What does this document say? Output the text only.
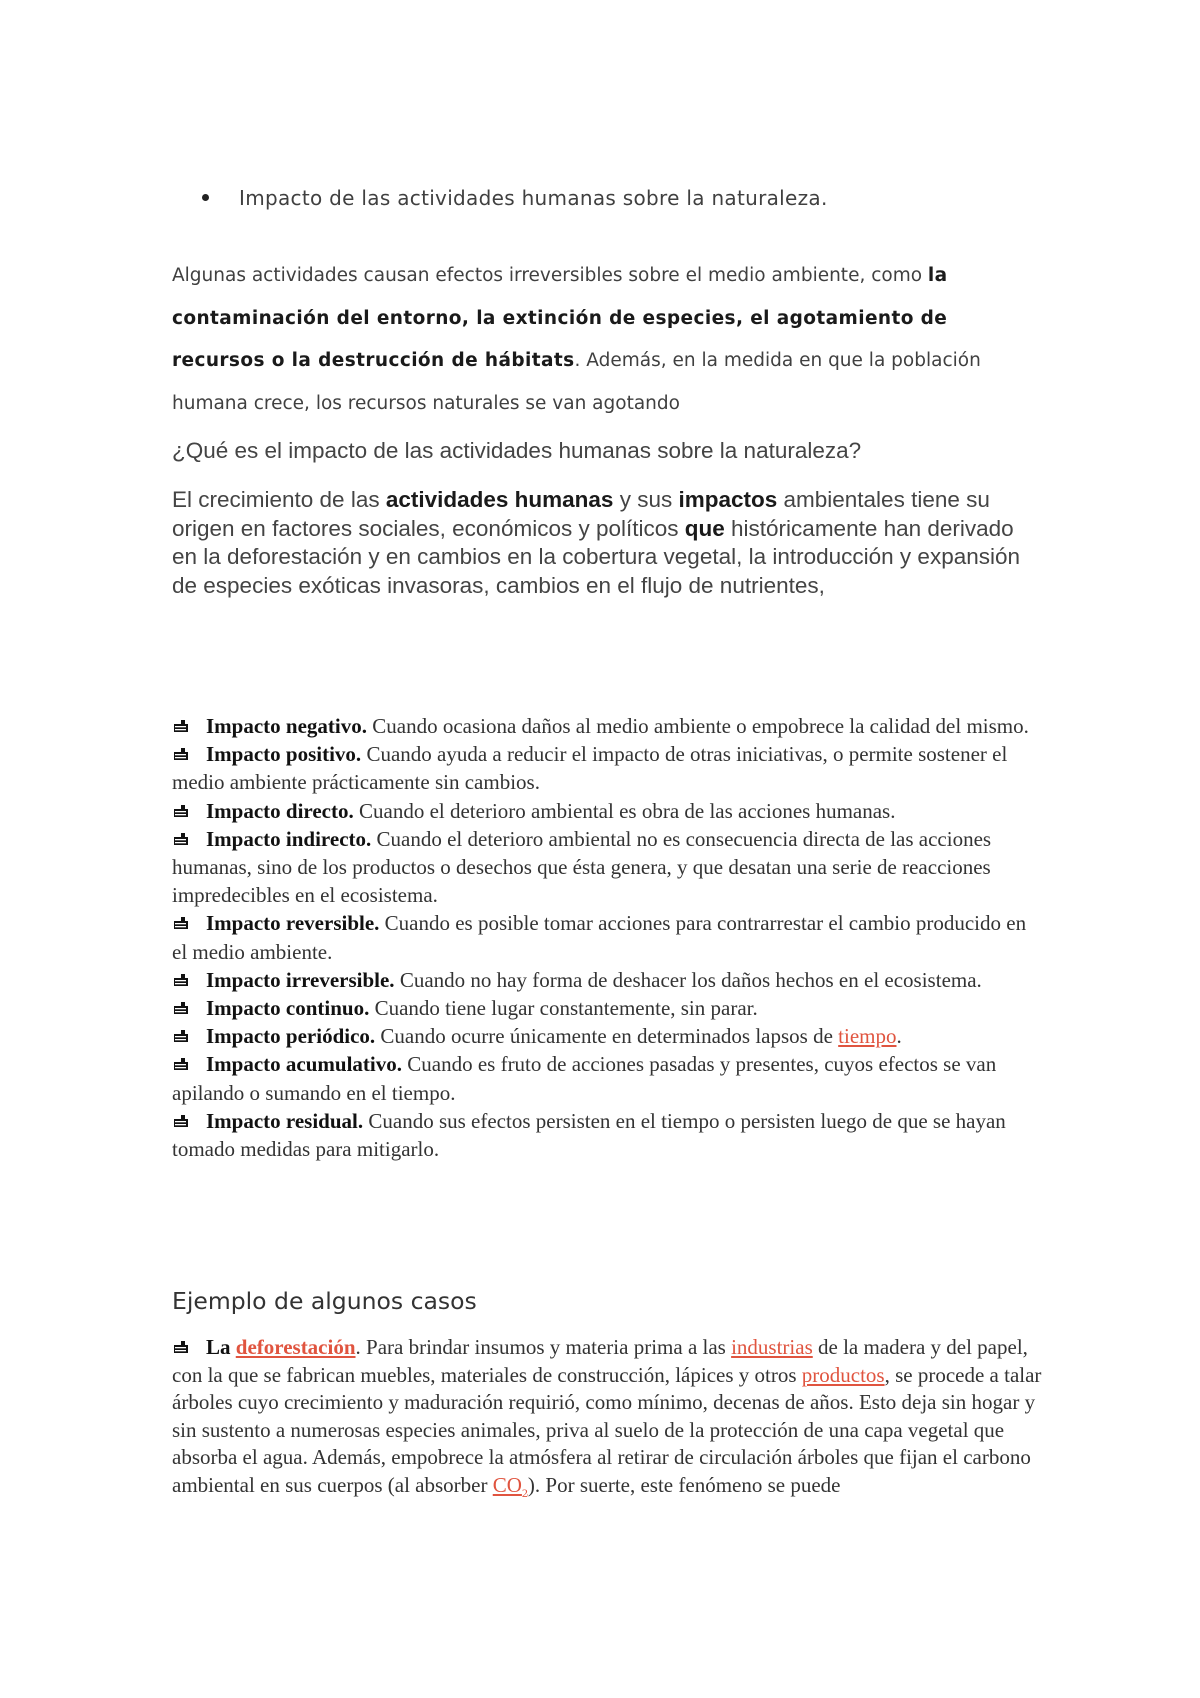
Impacto de las actividades humanas sobre la naturaleza.

Algunas actividades causan efectos irreversibles sobre el medio ambiente, como la contaminación del entorno, la extinción de especies, el agotamiento de recursos o la destrucción de hábitats. Además, en la medida en que la población humana crece, los recursos naturales se van agotando

¿Qué es el impacto de las actividades humanas sobre la naturaleza?

El crecimiento de las actividades humanas y sus impactos ambientales tiene su origen en factores sociales, económicos y políticos que históricamente han derivado en la deforestación y en cambios en la cobertura vegetal, la introducción y expansión de especies exóticas invasoras, cambios en el flujo de nutrientes,

Impacto negativo. Cuando ocasiona daños al medio ambiente o empobrece la calidad del mismo.
Impacto positivo. Cuando ayuda a reducir el impacto de otras iniciativas, o permite sostener el medio ambiente prácticamente sin cambios.
Impacto directo. Cuando el deterioro ambiental es obra de las acciones humanas.
Impacto indirecto. Cuando el deterioro ambiental no es consecuencia directa de las acciones humanas, sino de los productos o desechos que ésta genera, y que desatan una serie de reacciones impredecibles en el ecosistema.
Impacto reversible. Cuando es posible tomar acciones para contrarrestar el cambio producido en el medio ambiente.
Impacto irreversible. Cuando no hay forma de deshacer los daños hechos en el ecosistema.
Impacto continuo. Cuando tiene lugar constantemente, sin parar.
Impacto periódico. Cuando ocurre únicamente en determinados lapsos de tiempo.
Impacto acumulativo. Cuando es fruto de acciones pasadas y presentes, cuyos efectos se van apilando o sumando en el tiempo.
Impacto residual. Cuando sus efectos persisten en el tiempo o persisten luego de que se hayan tomado medidas para mitigarlo.
Ejemplo de algunos casos

La deforestación. Para brindar insumos y materia prima a las industrias de la madera y del papel, con la que se fabrican muebles, materiales de construcción, lápices y otros productos, se procede a talar árboles cuyo crecimiento y maduración requirió, como mínimo, decenas de años. Esto deja sin hogar y sin sustento a numerosas especies animales, priva al suelo de la protección de una capa vegetal que absorba el agua. Además, empobrece la atmósfera al retirar de circulación árboles que fijan el carbono ambiental en sus cuerpos (al absorber $CO_2$). Por suerte, este fenómeno se puede
